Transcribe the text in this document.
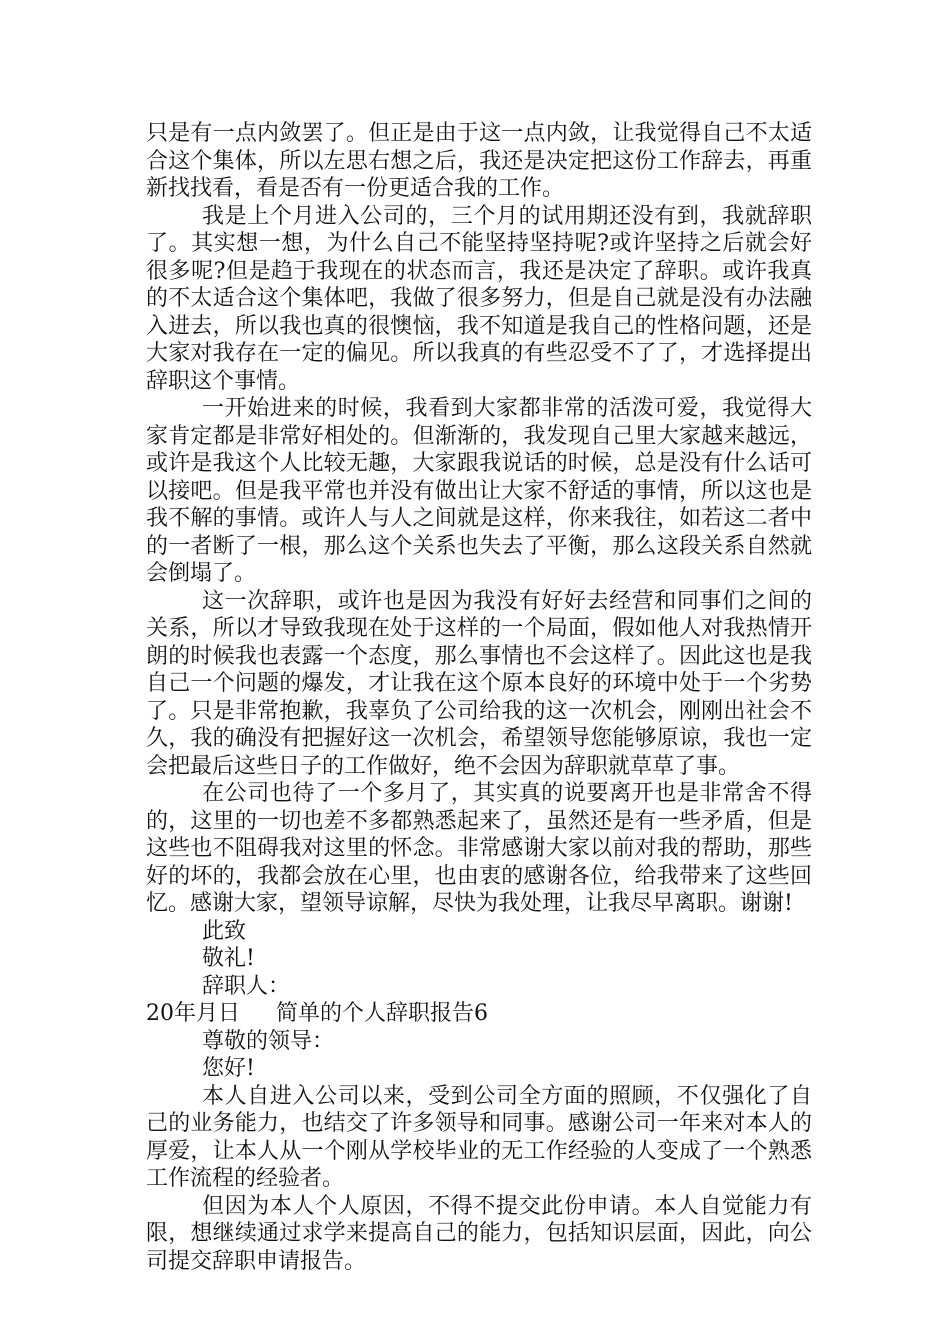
只是有一点内敛罢了。但正是由于这一点内敛，让我觉得自己不太适合这个集体，所以左思右想之后，我还是决定把这份工作辞去，再重新找找看，看是否有一份更适合我的工作。

我是上个月进入公司的，三个月的试用期还没有到，我就辞职了。其实想一想，为什么自己不能坚持坚持呢?或许坚持之后就会好很多呢?但是趋于我现在的状态而言，我还是决定了辞职。或许我真的不太适合这个集体吧，我做了很多努力，但是自己就是没有办法融入进去，所以我也真的很懊恼，我不知道是我自己的性格问题，还是大家对我存在一定的偏见。所以我真的有些忍受不了了，才选择提出辞职这个事情。

一开始进来的时候，我看到大家都非常的活泼可爱，我觉得大家肯定都是非常好相处的。但渐渐的，我发现自己里大家越来越远，或许是我这个人比较无趣，大家跟我说话的时候，总是没有什么话可以接吧。但是我平常也并没有做出让大家不舒适的事情，所以这也是我不解的事情。或许人与人之间就是这样，你来我往，如若这二者中的一者断了一根，那么这个关系也失去了平衡，那么这段关系自然就会倒塌了。

这一次辞职，或许也是因为我没有好好去经营和同事们之间的关系，所以才导致我现在处于这样的一个局面，假如他人对我热情开朗的时候我也表露一个态度，那么事情也不会这样了。因此这也是我自己一个问题的爆发，才让我在这个原本良好的环境中处于一个劣势了。只是非常抱歉，我辜负了公司给我的这一次机会，刚刚出社会不久，我的确没有把握好这一次机会，希望领导您能够原谅，我也一定会把最后这些日子的工作做好，绝不会因为辞职就草草了事。

在公司也待了一个多月了，其实真的说要离开也是非常舍不得的，这里的一切也差不多都熟悉起来了，虽然还是有一些矛盾，但是这些也不阻碍我对这里的怀念。非常感谢大家以前对我的帮助，那些好的坏的，我都会放在心里，也由衷的感谢各位，给我带来了这些回忆。感谢大家，望领导谅解，尽快为我处理，让我尽早离职。谢谢!

此致

敬礼!

辞职人：

20年月日 简单的个人辞职报告6

尊敬的领导：

您好!

本人自进入公司以来，受到公司全方面的照顾，不仅强化了自己的业务能力，也结交了许多领导和同事。感谢公司一年来对本人的厚爱，让本人从一个刚从学校毕业的无工作经验的人变成了一个熟悉工作流程的经验者。

但因为本人个人原因，不得不提交此份申请。本人自觉能力有限，想继续通过求学来提高自己的能力，包括知识层面，因此，向公司提交辞职申请报告。
